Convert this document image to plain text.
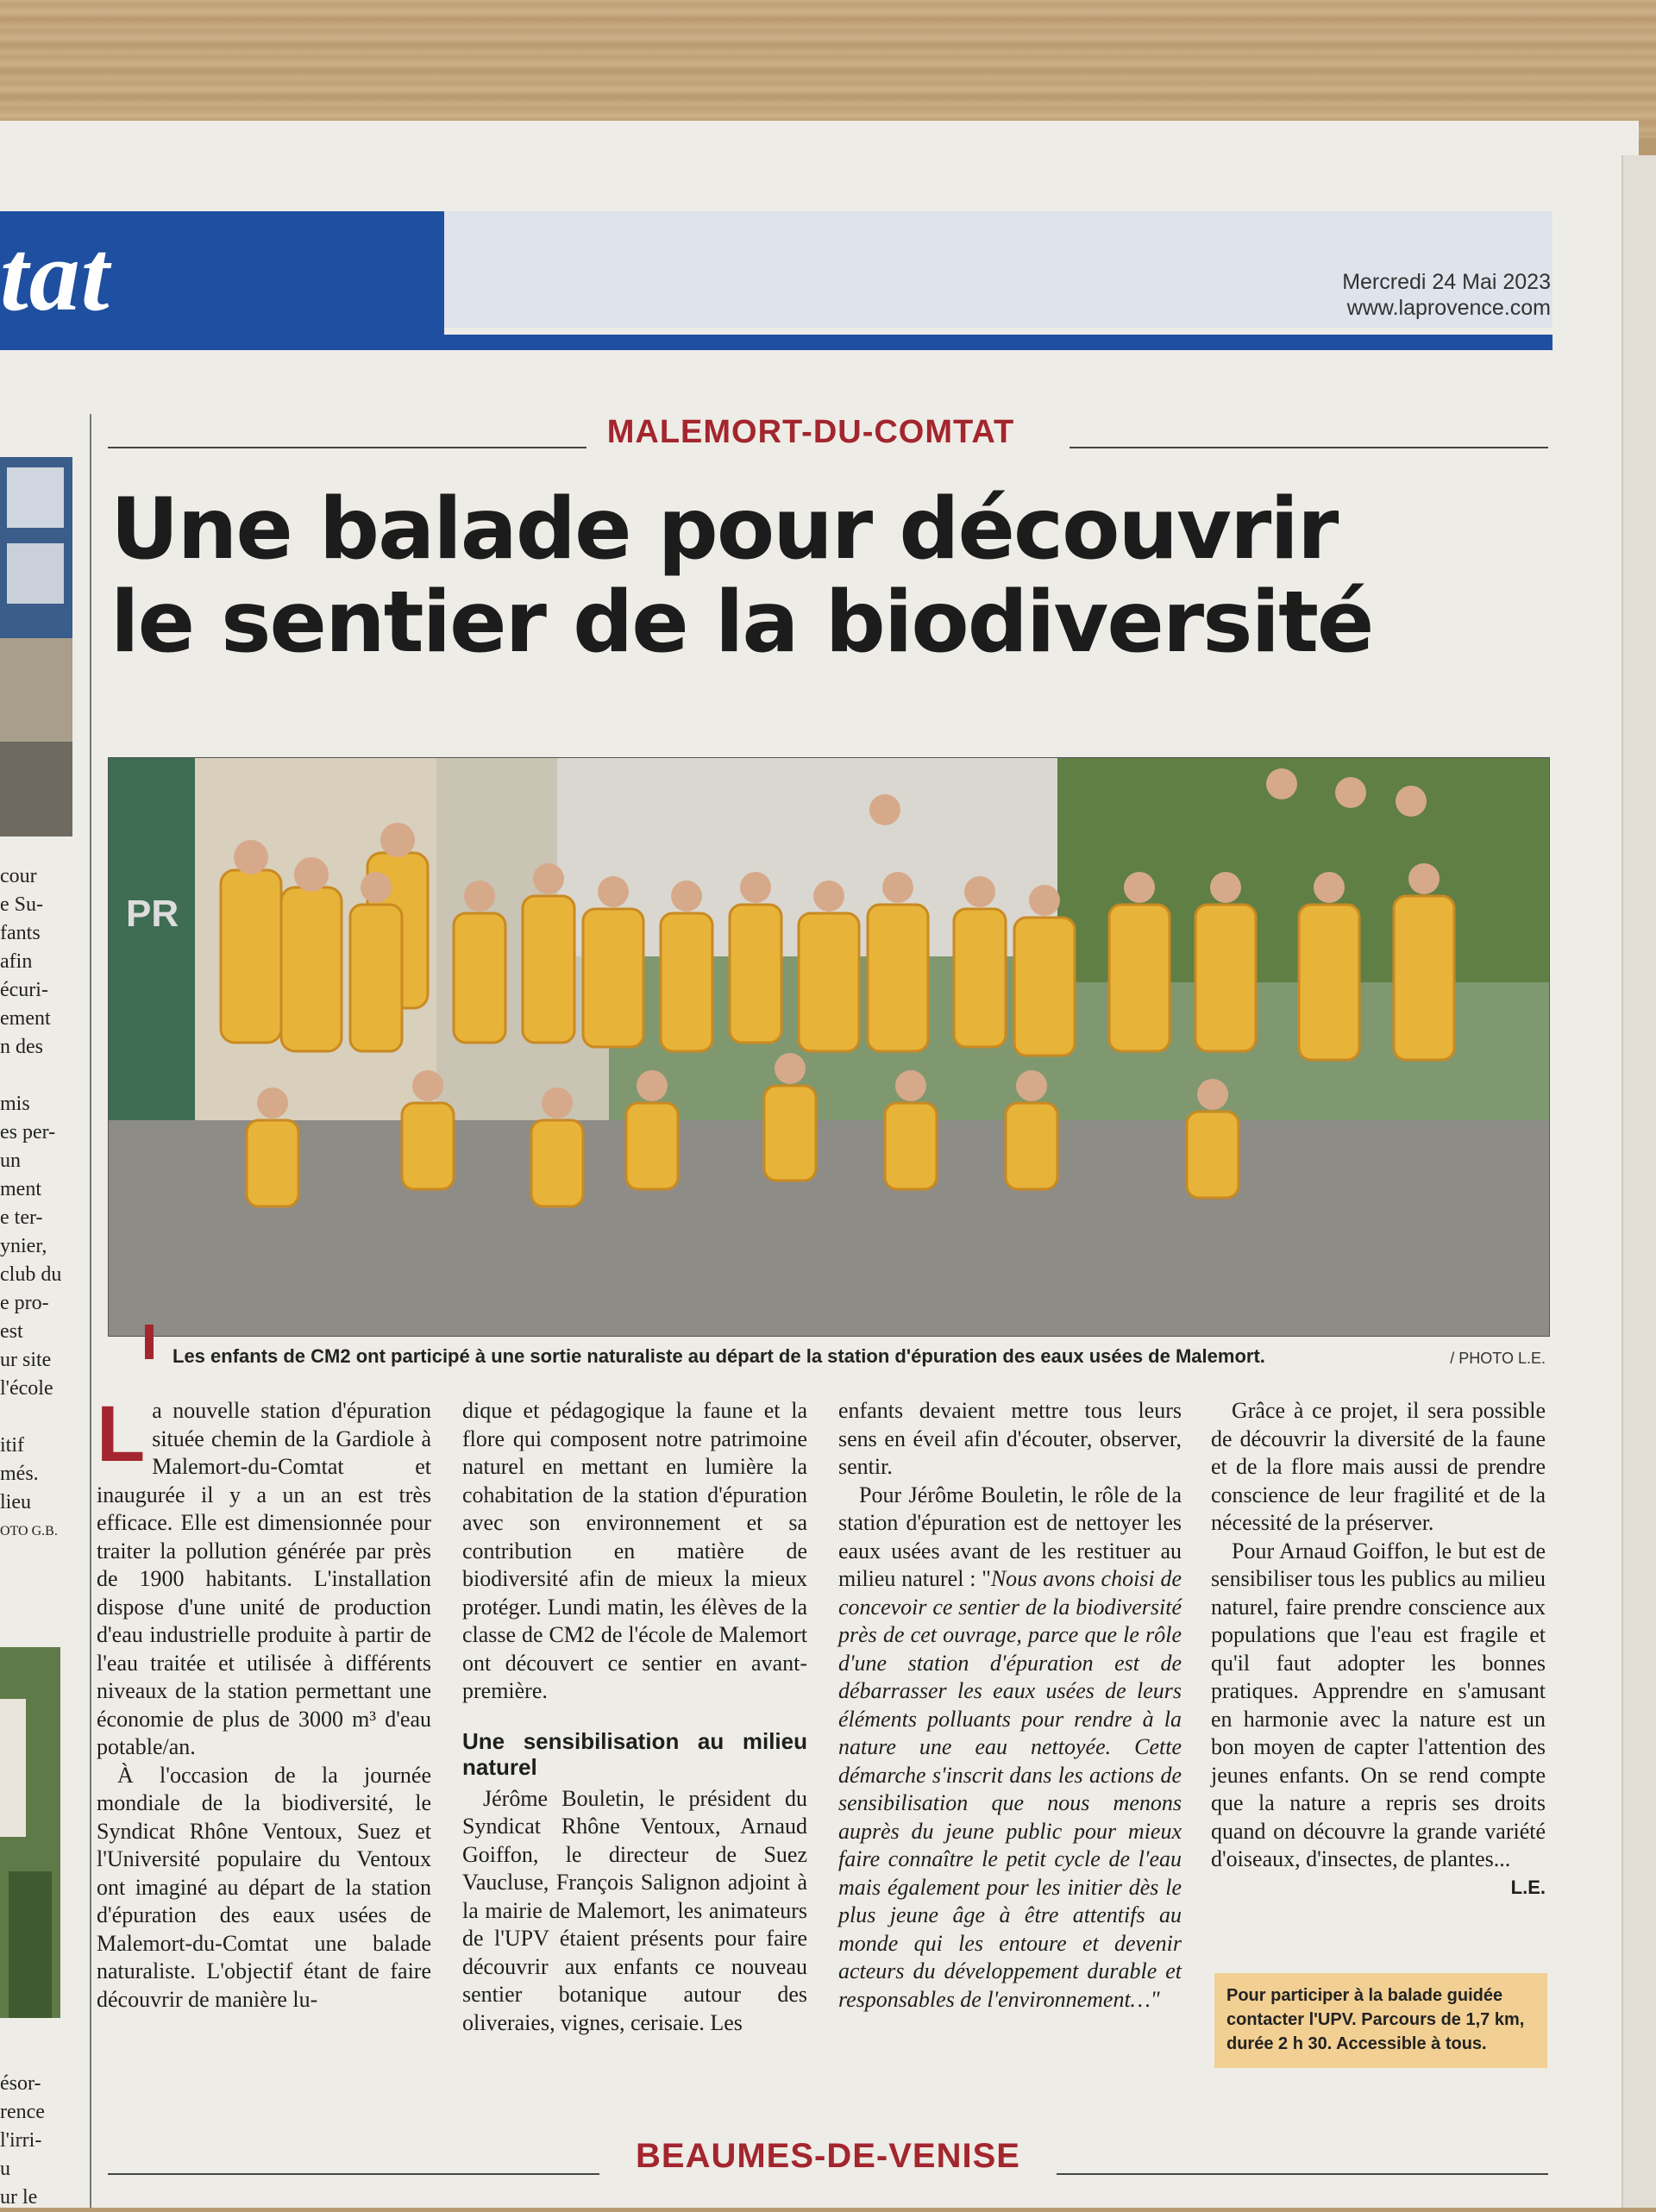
tat	Mercredi 24 Mai 2023
www.laprovence.com
cour
e Su-
fants
afin
écuri-
ement
n des

mis
es per-
un
ment
e ter-
ynier,
club du
e pro-
est
ur site
l'école

itif
més.
lieu
OTO G.B.
ésor-
rence
l'irri-
u
ur le
MALEMORT-DU-COMTAT
Une balade pour découvrir
le sentier de la biodiversité
PR
Les enfants de CM2 ont participé à une sortie naturaliste au départ de la station d'épuration des eaux usées de Malemort.	/ PHOTO L.E.

La nouvelle station d'épuration située chemin de la Gardiole à Malemort-du-Comtat et inaugurée il y a un an est très efficace. Elle est dimensionnée pour traiter la pollution générée par près de 1900 habitants. L'installation dispose d'une unité de production d'eau industrielle produite à partir de l'eau traitée et utilisée à différents niveaux de la station permettant une économie de plus de 3000 m³ d'eau potable/an.

À l'occasion de la journée mondiale de la biodiversité, le Syndicat Rhône Ventoux, Suez et l'Université populaire du Ventoux ont imaginé au départ de la station d'épuration des eaux usées de Malemort-du-Comtat une balade naturaliste. L'objectif étant de faire découvrir de manière lu-

dique et pédagogique la faune et la flore qui composent notre patrimoine naturel en mettant en lumière la cohabitation de la station d'épuration avec son environnement et sa contribution en matière de biodiversité afin de mieux la mieux protéger. Lundi matin, les élèves de la classe de CM2 de l'école de Malemort ont découvert ce sentier en avant-première.

Une sensibilisation au milieu naturel

Jérôme Bouletin, le président du Syndicat Rhône Ventoux, Arnaud Goiffon, le directeur de Suez Vaucluse, François Salignon adjoint à la mairie de Malemort, les animateurs de l'UPV étaient présents pour faire découvrir aux enfants ce nouveau sentier botanique autour des oliveraies, vignes, cerisaie. Les

enfants devaient mettre tous leurs sens en éveil afin d'écouter, observer, sentir.

Pour Jérôme Bouletin, le rôle de la station d'épuration est de nettoyer les eaux usées avant de les restituer au milieu naturel : "Nous avons choisi de concevoir ce sentier de la biodiversité près de cet ouvrage, parce que le rôle d'une station d'épuration est de débarrasser les eaux usées de leurs éléments polluants pour rendre à la nature une eau nettoyée. Cette démarche s'inscrit dans les actions de sensibilisation que nous menons auprès du jeune public pour mieux faire connaître le petit cycle de l'eau mais également pour les initier dès le plus jeune âge à être attentifs au monde qui les entoure et devenir acteurs du développement durable et responsables de l'environnement…"

Grâce à ce projet, il sera possible de découvrir la diversité de la faune et de la flore mais aussi de prendre conscience de leur fragilité et de la nécessité de la préserver.

Pour Arnaud Goiffon, le but est de sensibiliser tous les publics au milieu naturel, faire prendre conscience aux populations que l'eau est fragile et qu'il faut adopter les bonnes pratiques. Apprendre en s'amusant en harmonie avec la nature est un bon moyen de capter l'attention des jeunes enfants. On se rend compte que la nature a repris ses droits quand on découvre la grande variété d'oiseaux, d'insectes, de plantes...

L.E.
Pour participer à la balade guidée contacter l'UPV. Parcours de 1,7 km, durée 2 h 30. Accessible à tous.
BEAUMES-DE-VENISE
